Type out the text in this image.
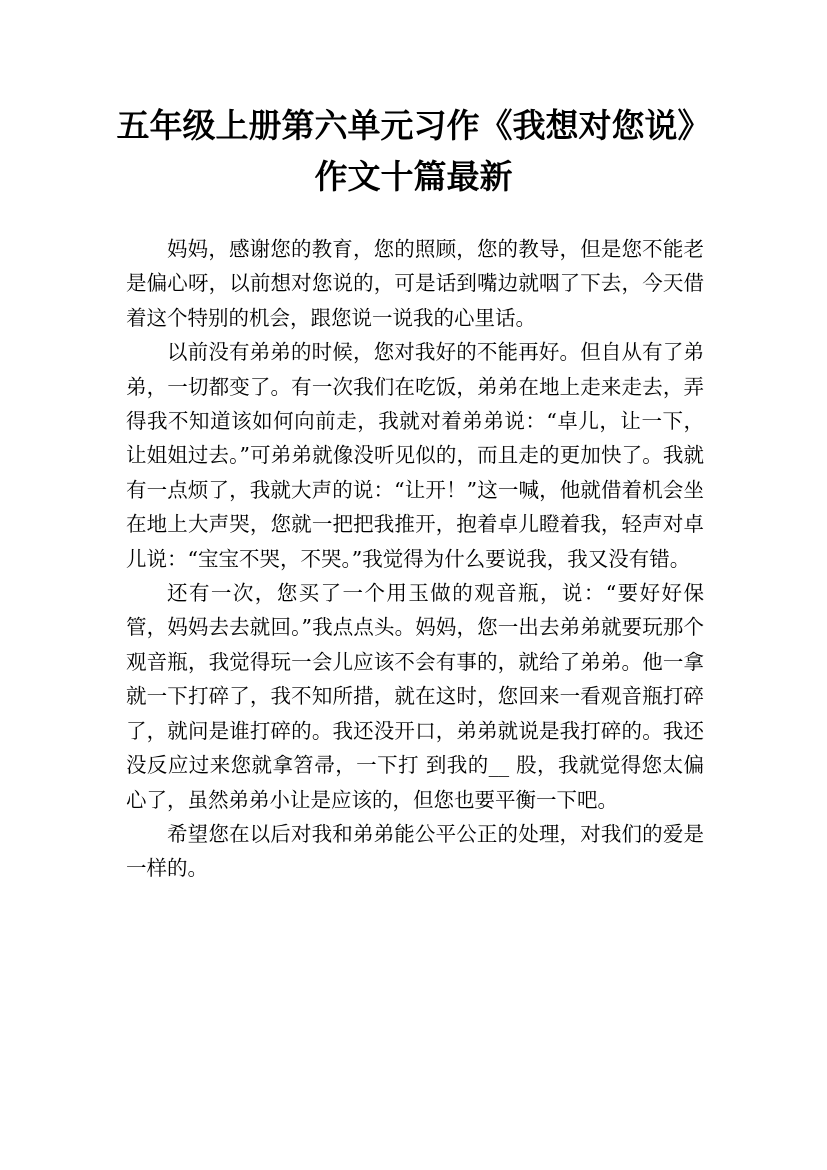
五年级上册第六单元习作《我想对您说》作文十篇最新

妈妈，感谢您的教育，您的照顾，您的教导，但是您不能老是偏心呀，以前想对您说的，可是话到嘴边就咽了下去，今天借着这个特别的机会，跟您说一说我的心里话。

以前没有弟弟的时候，您对我好的不能再好。但自从有了弟弟，一切都变了。有一次我们在吃饭，弟弟在地上走来走去，弄得我不知道该如何向前走，我就对着弟弟说：“卓儿，让一下，让姐姐过去。”可弟弟就像没听见似的，而且走的更加快了。我就有一点烦了，我就大声的说：“让开！”这一喊，他就借着机会坐在地上大声哭，您就一把把我推开，抱着卓儿瞪着我，轻声对卓儿说：“宝宝不哭，不哭。”我觉得为什么要说我，我又没有错。

还有一次，您买了一个用玉做的观音瓶，说：“要好好保管，妈妈去去就回。”我点点头。妈妈，您一出去弟弟就要玩那个观音瓶，我觉得玩一会儿应该不会有事的，就给了弟弟。他一拿就一下打碎了，我不知所措，就在这时，您回来一看观音瓶打碎了，就问是谁打碎的。我还没开口，弟弟就说是我打碎的。我还没反应过来您就拿笤帚，一下打 到我的__ 股，我就觉得您太偏心了，虽然弟弟小让是应该的，但您也要平衡一下吧。

希望您在以后对我和弟弟能公平公正的处理，对我们的爱是一样的。
